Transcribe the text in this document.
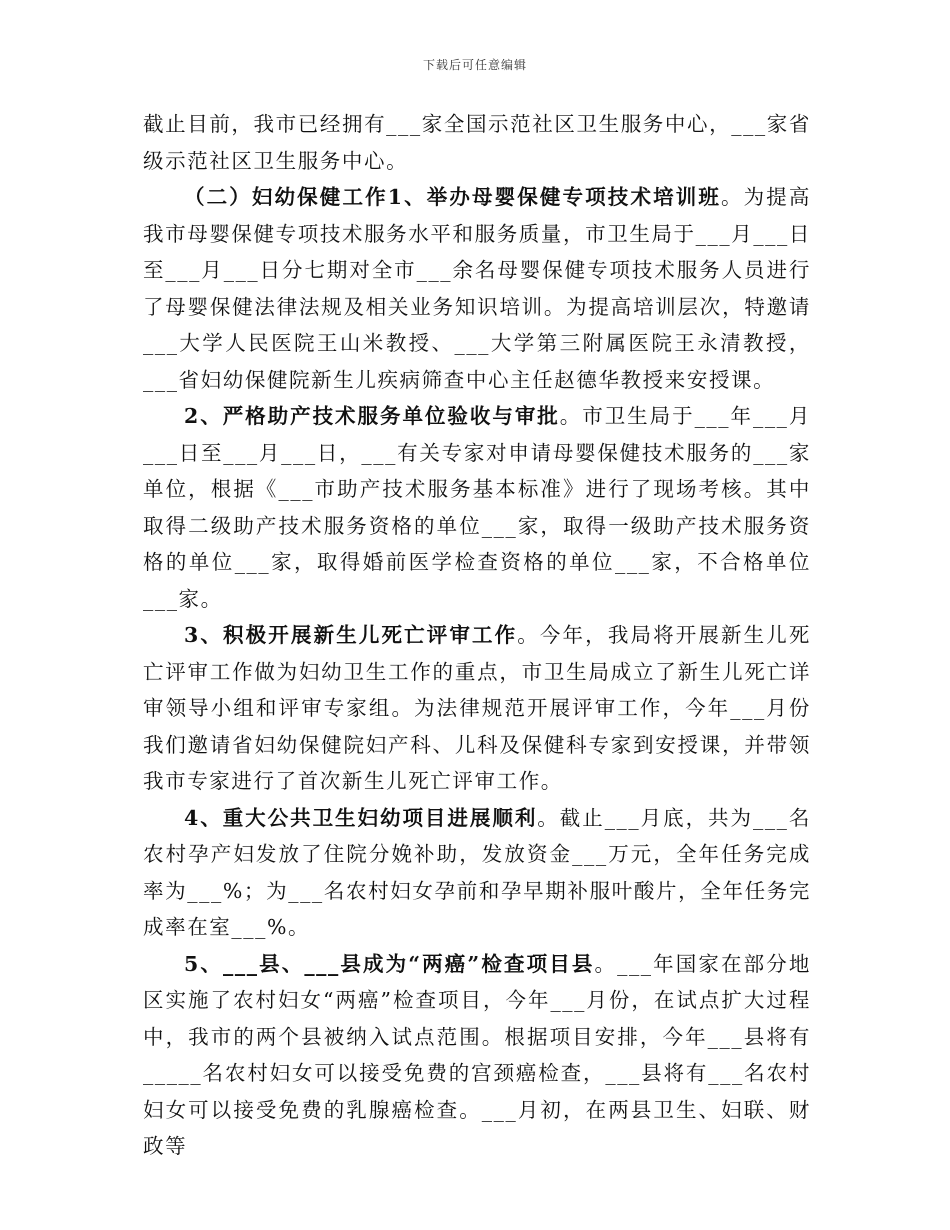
下载后可任意编辑

截止目前，我市已经拥有___家全国示范社区卫生服务中心，___家省级示范社区卫生服务中心。

（二）妇幼保健工作1、举办母婴保健专项技术培训班。为提高我市母婴保健专项技术服务水平和服务质量，市卫生局于___月___日至___月___日分七期对全市___余名母婴保健专项技术服务人员进行了母婴保健法律法规及相关业务知识培训。为提高培训层次，特邀请___大学人民医院王山米教授、___大学第三附属医院王永清教授，___省妇幼保健院新生儿疾病筛查中心主任赵德华教授来安授课。

2、严格助产技术服务单位验收与审批。市卫生局于___年___月___日至___月___日，___有关专家对申请母婴保健技术服务的___家单位，根据《___市助产技术服务基本标准》进行了现场考核。其中取得二级助产技术服务资格的单位___家，取得一级助产技术服务资格的单位___家，取得婚前医学检查资格的单位___家，不合格单位___家。

3、积极开展新生儿死亡评审工作。今年，我局将开展新生儿死亡评审工作做为妇幼卫生工作的重点，市卫生局成立了新生儿死亡详审领导小组和评审专家组。为法律规范开展评审工作，今年___月份我们邀请省妇幼保健院妇产科、儿科及保健科专家到安授课，并带领我市专家进行了首次新生儿死亡评审工作。

4、重大公共卫生妇幼项目进展顺利。截止___月底，共为___名农村孕产妇发放了住院分娩补助，发放资金___万元，全年任务完成率为___%；为___名农村妇女孕前和孕早期补服叶酸片，全年任务完成率在室___%。

5、___县、___县成为“两癌”检查项目县。___年国家在部分地区实施了农村妇女“两癌”检查项目，今年___月份，在试点扩大过程中，我市的两个县被纳入试点范围。根据项目安排，今年___县将有_____名农村妇女可以接受免费的宫颈癌检查，___县将有___名农村妇女可以接受免费的乳腺癌检查。___月初，在两县卫生、妇联、财政等
